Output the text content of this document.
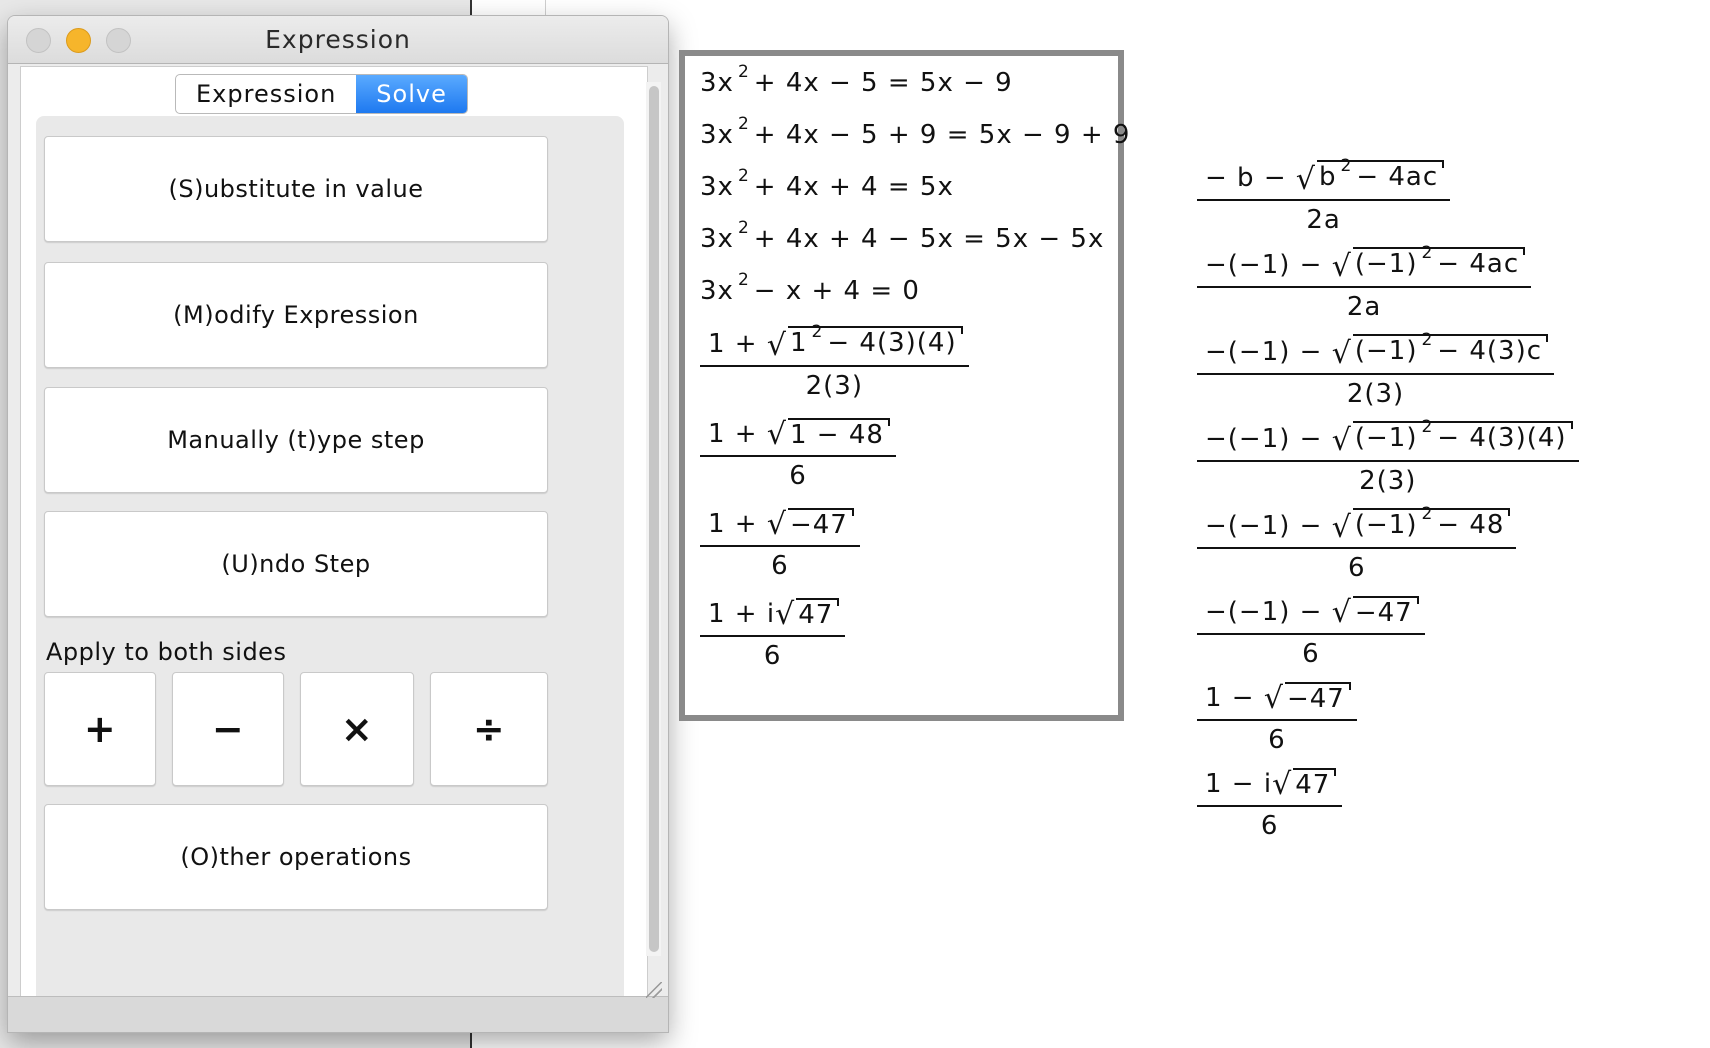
Expression
Expression	Solve
(S)ubstitute in value
(M)odify Expression
Manually (t)ype step
(U)ndo Step
Apply to both sides
+	−	×	÷
(O)ther operations
3x $^2$ + 4x − 5 = 5x − 9
3x $^2$ + 4x − 5 + 9 = 5x − 9 + 9
3x $^2$ + 4x + 4 = 5x
3x $^2$ + 4x + 4 − 5x = 5x − 5x
3x $^2$ − x + 4 = 0
1 +
√ 1 $^2$ − 4(3)(4)
2(3)

1 +
√ 1 − 48
6

1 +
√ −47
6

$\frac{1 + i √ 47}{6}$
− b −
√ b $^2$ − 4ac
2a

−(−1) −
√ (−1) $^2$ − 4ac
2a

−(−1) −
√ (−1) $^2$ − 4(3)c
2(3)

−(−1) −
√ (−1) $^2$ − 4(3)(4)
2(3)

−(−1) −
√ (−1) $^2$ − 48
6

−(−1) −
√ −47
6

1 −
√ −47
6

$\frac{1 - i √ 47}{6}$
